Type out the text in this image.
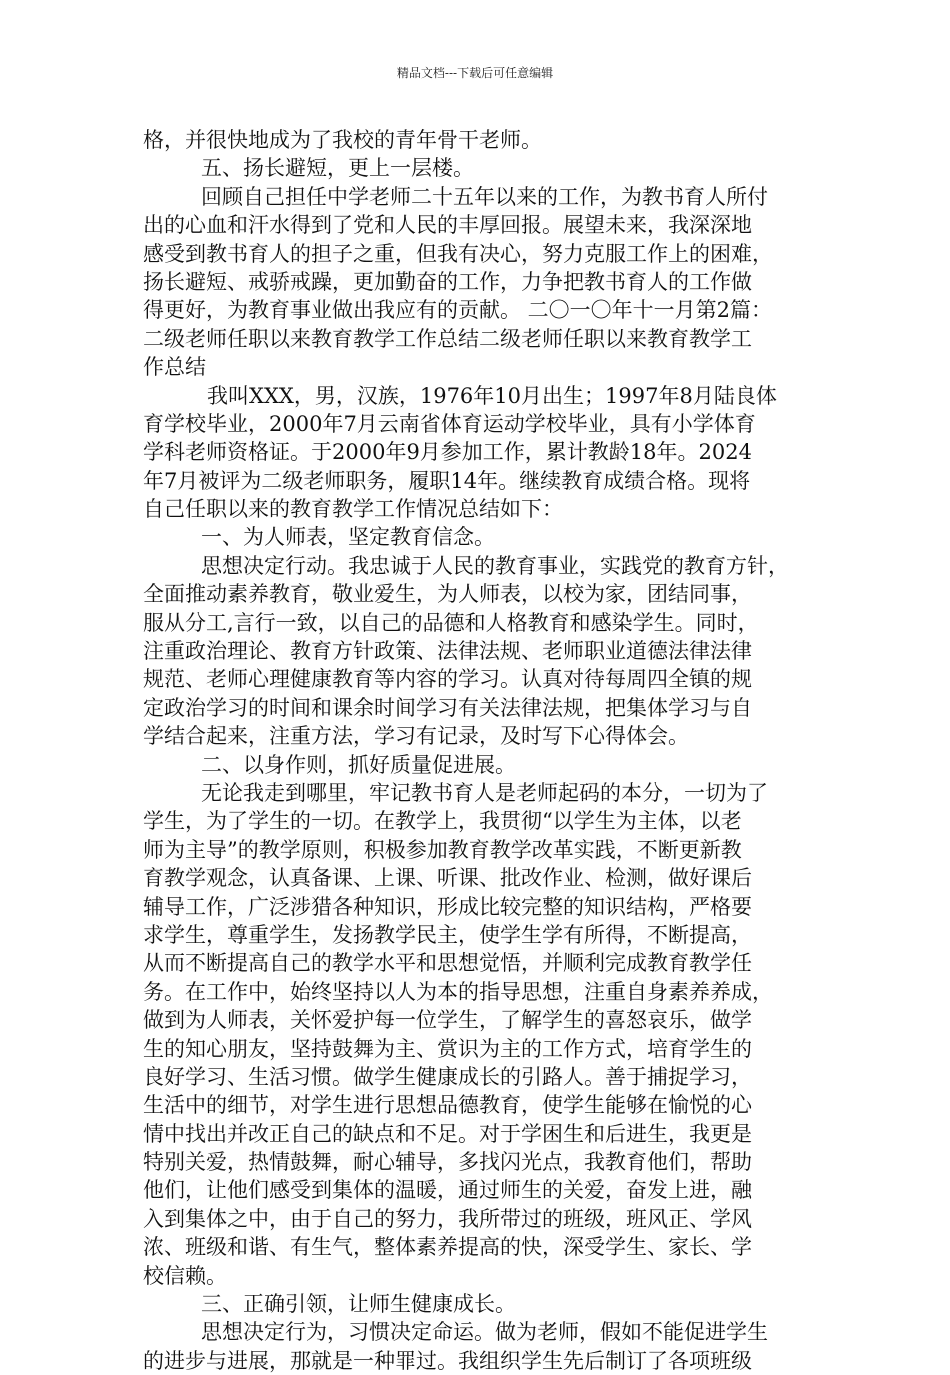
精品文档---下载后可任意编辑
格，并很快地成为了我校的青年骨干老师。
五、扬长避短，更上一层楼。
回顾自己担任中学老师二十五年以来的工作，为教书育人所付
出的心血和汗水得到了党和人民的丰厚回报。展望未来，我深深地
感受到教书育人的担子之重，但我有决心，努力克服工作上的困难，
扬长避短、戒骄戒躁，更加勤奋的工作，力争把教书育人的工作做
得更好，为教育事业做出我应有的贡献。 二〇一〇年十一月第2篇：
二级老师任职以来教育教学工作总结二级老师任职以来教育教学工
作总结
我叫XXX，男，汉族，1976年10月出生；1997年8月陆良体
育学校毕业，2000年7月云南省体育运动学校毕业，具有小学体育
学科老师资格证。于2000年9月参加工作，累计教龄18年。2024
年7月被评为二级老师职务，履职14年。继续教育成绩合格。现将
自己任职以来的教育教学工作情况总结如下：
一、为人师表，坚定教育信念。
思想决定行动。我忠诚于人民的教育事业，实践党的教育方针，
全面推动素养教育，敬业爱生，为人师表，以校为家，团结同事，
服从分工,言行一致，以自己的品德和人格教育和感染学生。同时，
注重政治理论、教育方针政策、法律法规、老师职业道德法律法律
规范、老师心理健康教育等内容的学习。认真对待每周四全镇的规
定政治学习的时间和课余时间学习有关法律法规，把集体学习与自
学结合起来，注重方法，学习有记录，及时写下心得体会。
二、以身作则，抓好质量促进展。
无论我走到哪里，牢记教书育人是老师起码的本分，一切为了
学生，为了学生的一切。在教学上，我贯彻“以学生为主体，以老
师为主导”的教学原则，积极参加教育教学改革实践，不断更新教
育教学观念，认真备课、上课、听课、批改作业、检测，做好课后
辅导工作，广泛涉猎各种知识，形成比较完整的知识结构，严格要
求学生，尊重学生，发扬教学民主，使学生学有所得，不断提高，
从而不断提高自己的教学水平和思想觉悟，并顺利完成教育教学任
务。在工作中，始终坚持以人为本的指导思想，注重自身素养养成，
做到为人师表，关怀爱护每一位学生，了解学生的喜怒哀乐，做学
生的知心朋友，坚持鼓舞为主、赏识为主的工作方式，培育学生的
良好学习、生活习惯。做学生健康成长的引路人。善于捕捉学习，
生活中的细节，对学生进行思想品德教育，使学生能够在愉悦的心
情中找出并改正自己的缺点和不足。对于学困生和后进生，我更是
特别关爱，热情鼓舞，耐心辅导，多找闪光点，我教育他们，帮助
他们，让他们感受到集体的温暖，通过师生的关爱，奋发上进，融
入到集体之中，由于自己的努力，我所带过的班级，班风正、学风
浓、班级和谐、有生气，整体素养提高的快，深受学生、家长、学
校信赖。
三、正确引领，让师生健康成长。
思想决定行为，习惯决定命运。做为老师，假如不能促进学生
的进步与进展，那就是一种罪过。我组织学生先后制订了各项班级
